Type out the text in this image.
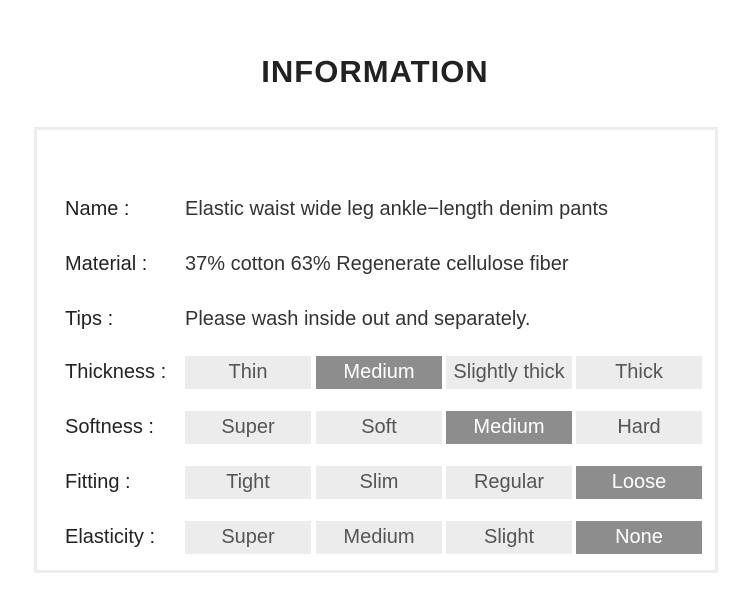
INFORMATION
Name :	Elastic waist wide leg ankle−length denim pants
Material : 37% cotton 63% Regenerate cellulose fiber
Tips :	Please wash inside out and separately.
Thickness :	Thin	Medium	Slightly thick	Thick
Softness :	Super	Soft	Medium	Hard
Fitting :	Tight	Slim	Regular	Loose
Elasticity :	Super	Medium	Slight	None
